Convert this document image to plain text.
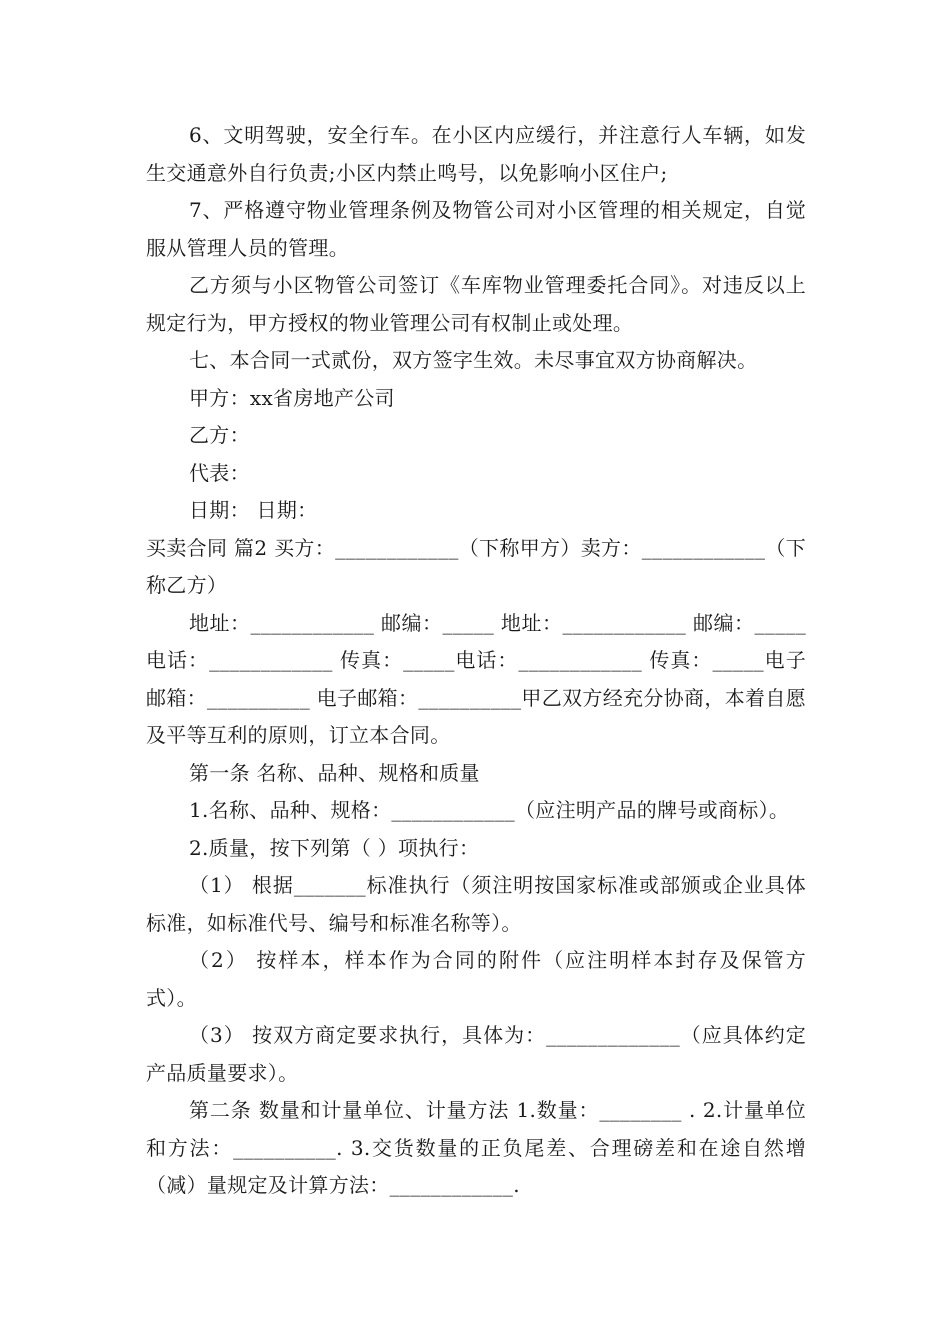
6、文明驾驶，安全行车。在小区内应缓行，并注意行人车辆，如发生交通意外自行负责;小区内禁止鸣号，以免影响小区住户;

7、严格遵守物业管理条例及物管公司对小区管理的相关规定，自觉服从管理人员的管理。

乙方须与小区物管公司签订《车库物业管理委托合同》。对违反以上规定行为，甲方授权的物业管理公司有权制止或处理。

七、本合同一式贰份，双方签字生效。未尽事宜双方协商解决。

甲方：xx省房地产公司

乙方：

代表：

日期： 日期：

买卖合同 篇2 买方：____________（下称甲方）卖方：____________（下称乙方）

地址：____________ 邮编：_____ 地址：____________ 邮编：_____电话：____________ 传真：_____电话：____________ 传真：_____电子邮箱：__________ 电子邮箱：__________甲乙双方经充分协商，本着自愿及平等互利的原则，订立本合同。

第一条 名称、品种、规格和质量

1.名称、品种、规格：____________（应注明产品的牌号或商标）。

2.质量，按下列第（ ）项执行：

（1） 根据_______标准执行（须注明按国家标准或部颁或企业具体标准，如标准代号、编号和标准名称等）。

（2） 按样本，样本作为合同的附件（应注明样本封存及保管方式）。

（3） 按双方商定要求执行，具体为：_____________（应具体约定产品质量要求）。

第二条 数量和计量单位、计量方法 1.数量：________ . 2.计量单位和方法：__________. 3.交货数量的正负尾差、合理磅差和在途自然增（减）量规定及计算方法：____________.
